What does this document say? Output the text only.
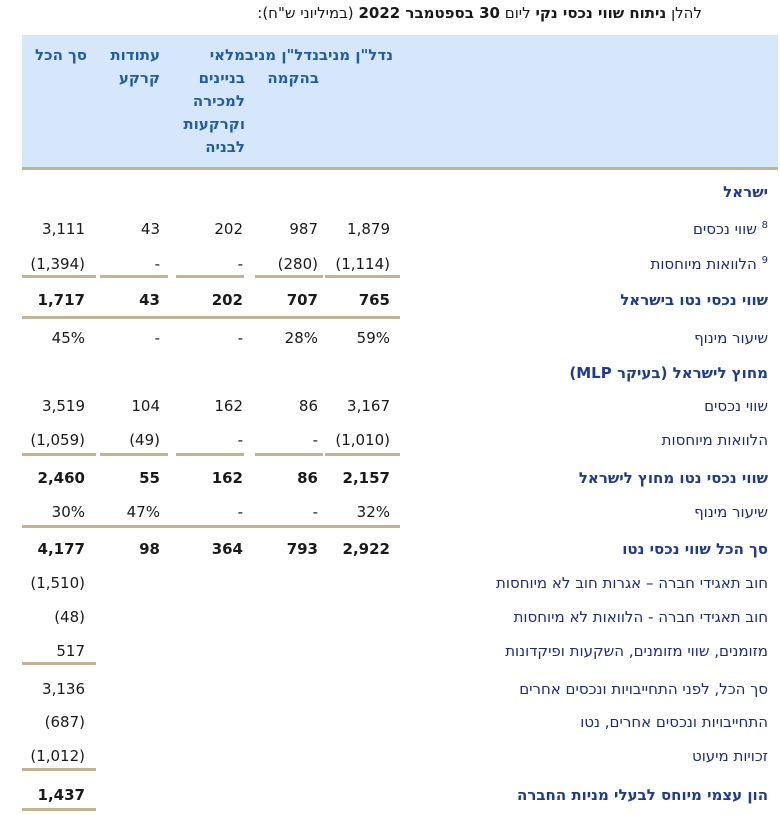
להלן ניתוח שווי נכסי נקי ליום 30 בספטמבר 2022 (במיליוני ש"ח):
נדל"ן מניב
נדל"ן מניב בהקמה
מלאי בניינים למכירה וקרקעות לבניה
עתודות קרקע
סך הכל
ישראל
$^8$ שווי נכסים
1,879
987
202
43
3,111
$^9$ הלוואות מיוחסות
(1,114)
(280)
-
-
(1,394)
שווי נכסי נטו בישראל
765
707
202
43
1,717
שיעור מינוף
59%
28%
-
-
45%
מחוץ לישראל (בעיקר MLP)
שווי נכסים
3,167
86
162
104
3,519
הלוואות מיוחסות
(1,010)
-
-
(49)
(1,059)
שווי נכסי נטו מחוץ לישראל
2,157
86
162
55
2,460
שיעור מינוף
32%
-
-
47%
30%
סך הכל שווי נכסי נטו
2,922
793
364
98
4,177
חוב תאגידי חברה – אגרות חוב לא מיוחסות
(1,510)
חוב תאגידי חברה - הלוואות לא מיוחסות
(48)
מזומנים, שווי מזומנים, השקעות ופיקדונות
517
סך הכל, לפני התחייבויות ונכסים אחרים
3,136
התחייבויות ונכסים אחרים, נטו
(687)
זכויות מיעוט
(1,012)
הון עצמי מיוחס לבעלי מניות החברה
1,437
